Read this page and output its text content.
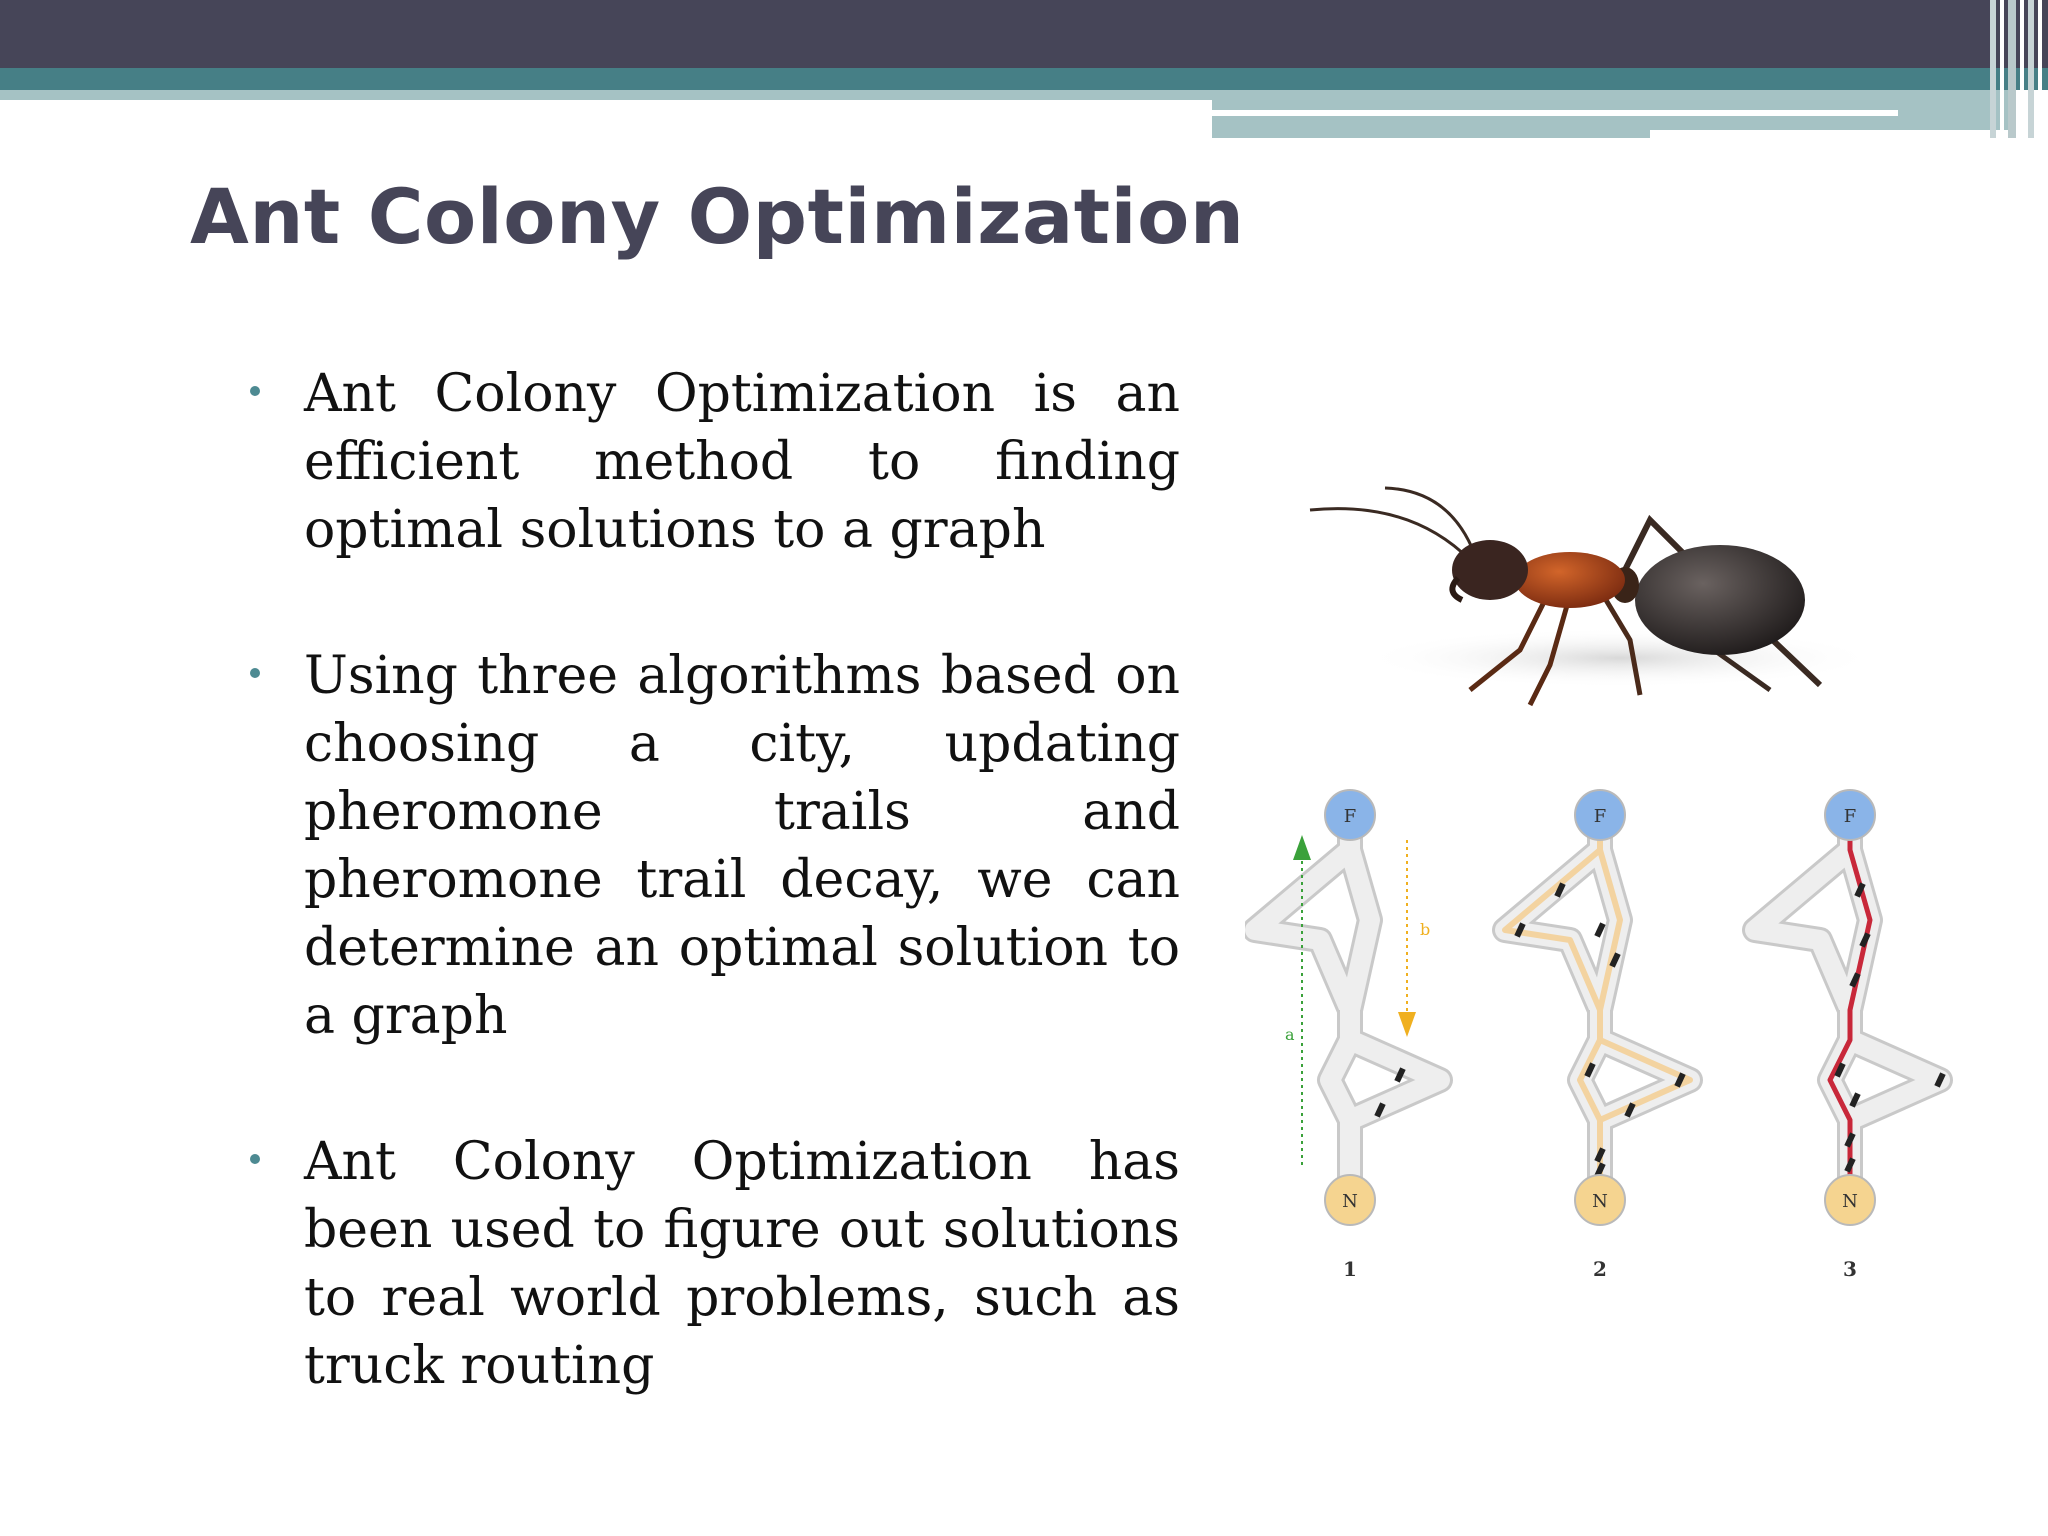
Ant Colony Optimization
Ant Colony Optimization is an efficient method to finding optimal solutions to a graph
Using three algorithms based on choosing a city, updating pheromone trails and pheromone trail decay, we can determine an optimal solution to a graph
Ant Colony Optimization has been used to figure out solutions to real world problems, such as truck routing
F
N
1
F
N
2
F
N
3
a
b
